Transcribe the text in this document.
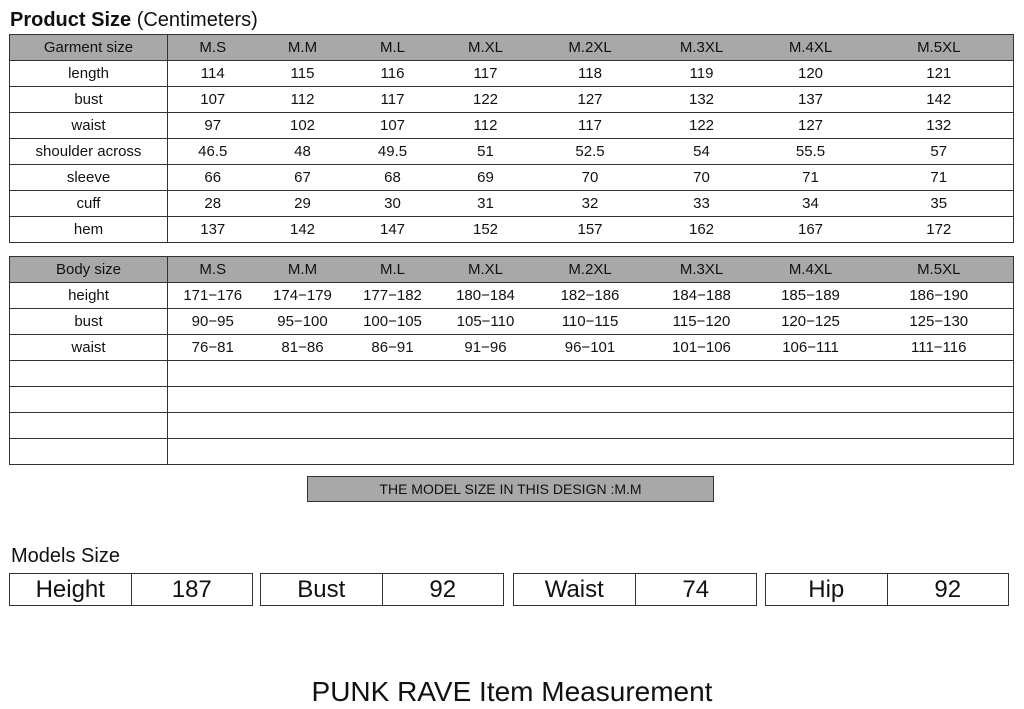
Product Size (Centimeters)
Garment size	M.S	M.M	M.L	M.XL	M.2XL	M.3XL	M.4XL	M.5XL
length	114	115	116	117	118	119	120	121
bust	107	112	117	122	127	132	137	142
waist	97	102	107	112	117	122	127	132
shoulder across	46.5	48	49.5	51	52.5	54	55.5	57
sleeve	66	67	68	69	70	70	71	71
cuff	28	29	30	31	32	33	34	35
hem	137	142	147	152	157	162	167	172
Body size	M.S	M.M	M.L	M.XL	M.2XL	M.3XL	M.4XL	M.5XL
height	171−176	174−179	177−182	180−184	182−186	184−188	185−189	186−190
bust	90−95	95−100	100−105	105−110	110−115	115−120	120−125	125−130
waist	76−81	81−86	86−91	91−96	96−101	101−106	106−111	111−116

THE MODEL SIZE IN THIS DESIGN :M.M
Models Size
Height	187	Bust	92	Waist	74	Hip	92
PUNK RAVE Item Measurement
